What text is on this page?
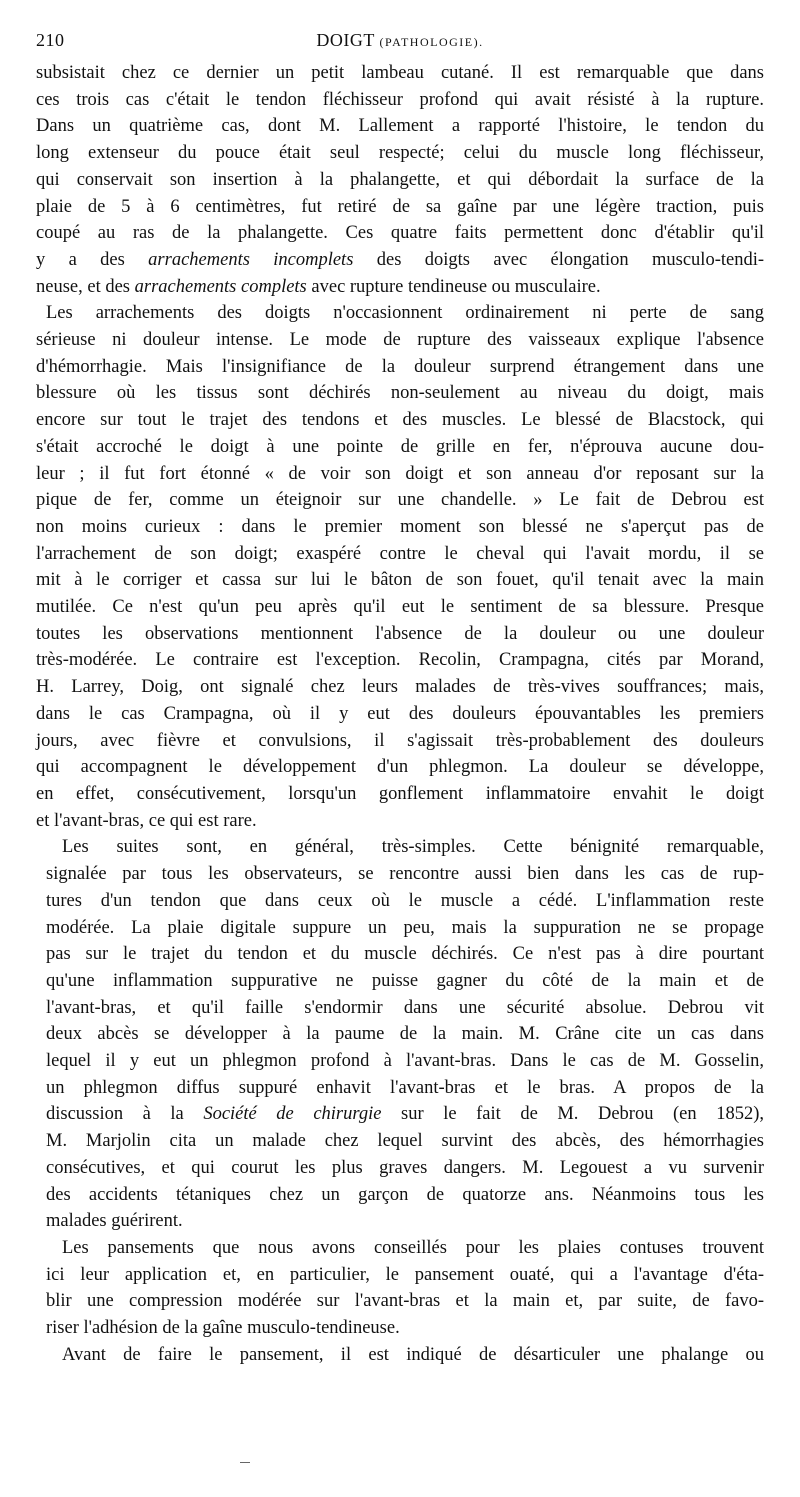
210	DOIGT (PATHOLOGIE).

subsistait chez ce dernier un petit lambeau cutané. Il est remarquable que dans
ces trois cas c'était le tendon fléchisseur profond qui avait résisté à la rupture.
Dans un quatrième cas, dont M. Lallement a rapporté l'histoire, le tendon du
long extenseur du pouce était seul respecté; celui du muscle long fléchisseur,
qui conservait son insertion à la phalangette, et qui débordait la surface de la
plaie de 5 à 6 centimètres, fut retiré de sa gaîne par une légère traction, puis
coupé au ras de la phalangette. Ces quatre faits permettent donc d'établir qu'il
y a des arrachements incomplets des doigts avec élongation musculo-tendi-
neuse, et des arrachements complets avec rupture tendineuse ou musculaire.

Les arrachements des doigts n'occasionnent ordinairement ni perte de sang
sérieuse ni douleur intense. Le mode de rupture des vaisseaux explique l'absence
d'hémorrhagie. Mais l'insignifiance de la douleur surprend étrangement dans une
blessure où les tissus sont déchirés non-seulement au niveau du doigt, mais
encore sur tout le trajet des tendons et des muscles. Le blessé de Blacstock, qui
s'était accroché le doigt à une pointe de grille en fer, n'éprouva aucune dou-
leur ; il fut fort étonné « de voir son doigt et son anneau d'or reposant sur la
pique de fer, comme un éteignoir sur une chandelle. » Le fait de Debrou est
non moins curieux : dans le premier moment son blessé ne s'aperçut pas de
l'arrachement de son doigt; exaspéré contre le cheval qui l'avait mordu, il se
mit à le corriger et cassa sur lui le bâton de son fouet, qu'il tenait avec la main
mutilée. Ce n'est qu'un peu après qu'il eut le sentiment de sa blessure. Presque
toutes les observations mentionnent l'absence de la douleur ou une douleur
très-modérée. Le contraire est l'exception. Recolin, Crampagna, cités par Morand,
H. Larrey, Doig, ont signalé chez leurs malades de très-vives souffrances; mais,
dans le cas Crampagna, où il y eut des douleurs épouvantables les premiers
jours, avec fièvre et convulsions, il s'agissait très-probablement des douleurs
qui accompagnent le développement d'un phlegmon. La douleur se développe,
en effet, consécutivement, lorsqu'un gonflement inflammatoire envahit le doigt
et l'avant-bras, ce qui est rare.

Les suites sont, en général, très-simples. Cette bénignité remarquable,
signalée par tous les observateurs, se rencontre aussi bien dans les cas de rup-
tures d'un tendon que dans ceux où le muscle a cédé. L'inflammation reste
modérée. La plaie digitale suppure un peu, mais la suppuration ne se propage
pas sur le trajet du tendon et du muscle déchirés. Ce n'est pas à dire pourtant
qu'une inflammation suppurative ne puisse gagner du côté de la main et de
l'avant-bras, et qu'il faille s'endormir dans une sécurité absolue. Debrou vit
deux abcès se développer à la paume de la main. M. Crâne cite un cas dans
lequel il y eut un phlegmon profond à l'avant-bras. Dans le cas de M. Gosselin,
un phlegmon diffus suppuré enhavit l'avant-bras et le bras. A propos de la
discussion à la Société de chirurgie sur le fait de M. Debrou (en 1852),
M. Marjolin cita un malade chez lequel survint des abcès, des hémorrhagies
consécutives, et qui courut les plus graves dangers. M. Legouest a vu survenir
des accidents tétaniques chez un garçon de quatorze ans. Néanmoins tous les
malades guérirent.

Les pansements que nous avons conseillés pour les plaies contuses trouvent
ici leur application et, en particulier, le pansement ouaté, qui a l'avantage d'éta-
blir une compression modérée sur l'avant-bras et la main et, par suite, de favo-
riser l'adhésion de la gaîne musculo-tendineuse.

Avant de faire le pansement, il est indiqué de désarticuler une phalange ou
